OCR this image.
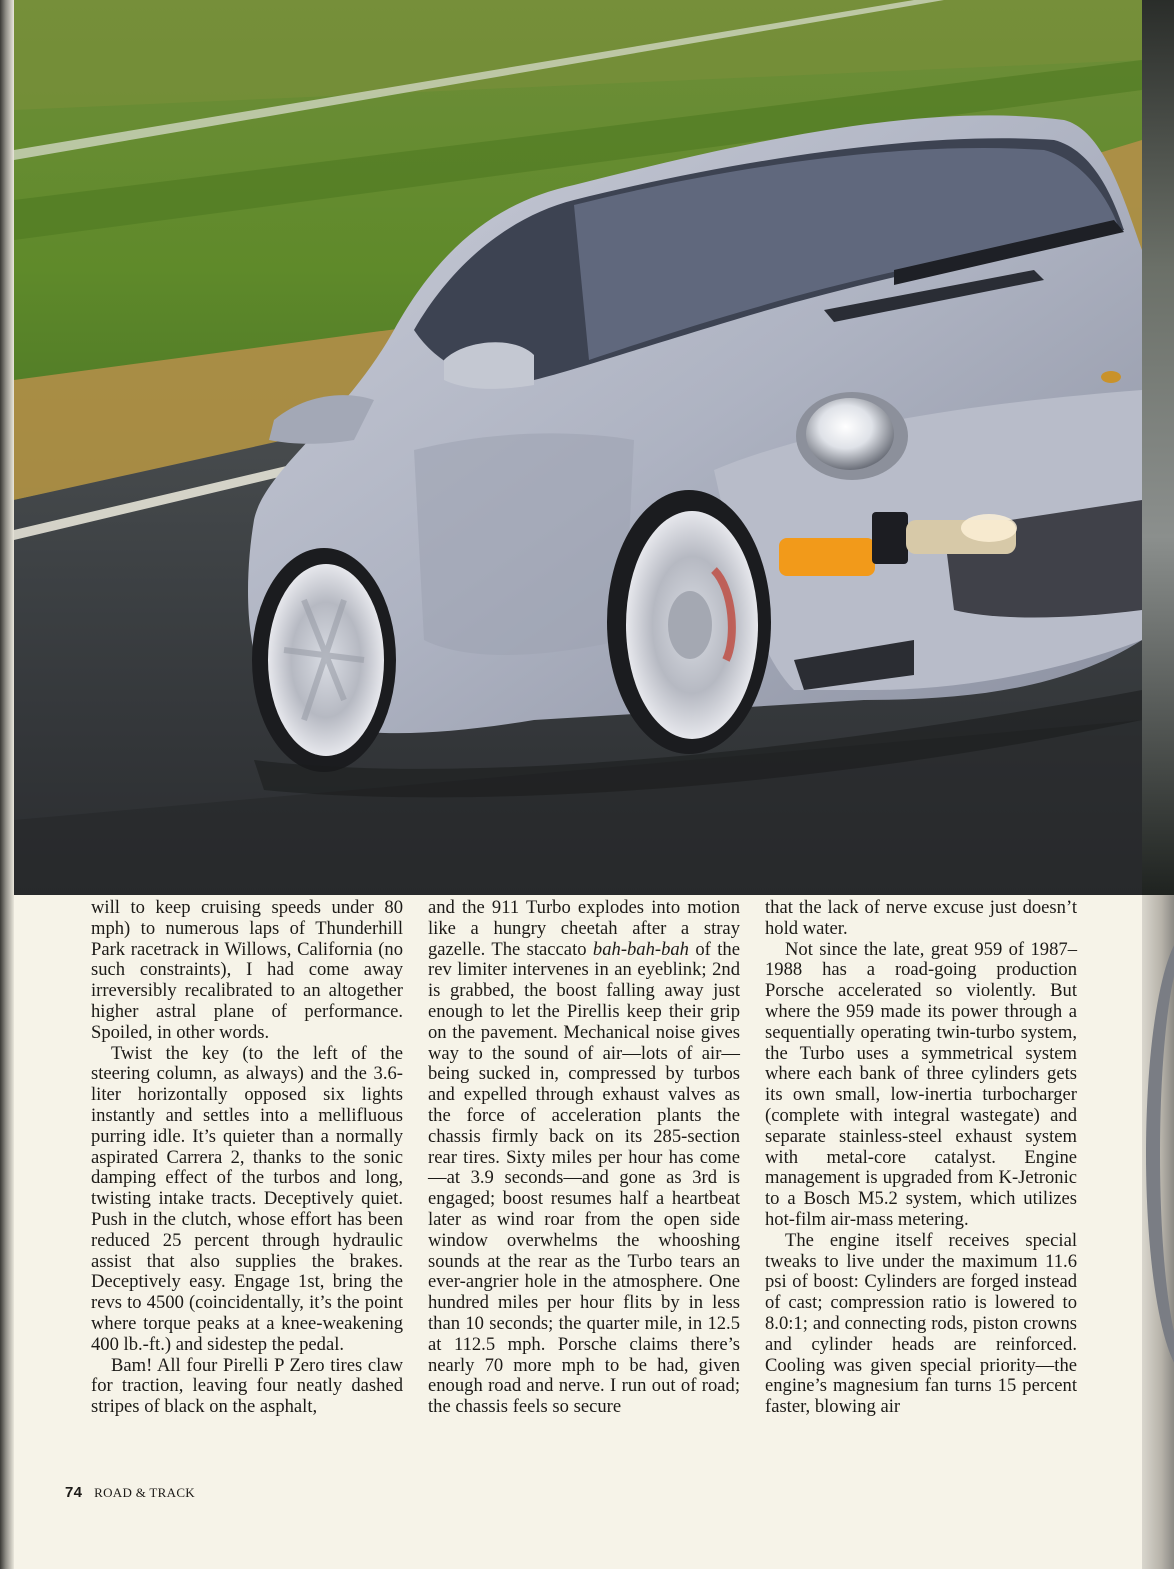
will to keep cruising speeds under 80 mph) to numerous laps of Thunderhill Park racetrack in Willows, California (no such constraints), I had come away irreversibly recalibrated to an altogether higher astral plane of performance. Spoiled, in other words.

Twist the key (to the left of the steering column, as always) and the 3.6-liter horizontally opposed six lights instantly and settles into a mellifluous purring idle. It’s quieter than a normally aspirated Carrera 2, thanks to the sonic damping effect of the turbos and long, twisting intake tracts. Deceptively quiet. Push in the clutch, whose effort has been reduced 25 percent through hydraulic assist that also supplies the brakes. Deceptively easy. Engage 1st, bring the revs to 4500 (coincidentally, it’s the point where torque peaks at a knee-weakening 400 lb.-ft.) and sidestep the pedal.

Bam! All four Pirelli P Zero tires claw for traction, leaving four neatly dashed stripes of black on the asphalt,

and the 911 Turbo explodes into motion like a hungry cheetah after a stray gazelle. The staccato bah-bah-bah of the rev limiter intervenes in an eyeblink; 2nd is grabbed, the boost falling away just enough to let the Pirellis keep their grip on the pavement. Mechanical noise gives way to the sound of air—lots of air—being sucked in, compressed by turbos and expelled through exhaust valves as the force of acceleration plants the chassis firmly back on its 285-section rear tires. Sixty miles per hour has come—at 3.9 seconds—and gone as 3rd is engaged; boost resumes half a heartbeat later as wind roar from the open side window overwhelms the whooshing sounds at the rear as the Turbo tears an ever-angrier hole in the atmosphere. One hundred miles per hour flits by in less than 10 seconds; the quarter mile, in 12.5 at 112.5 mph. Porsche claims there’s nearly 70 more mph to be had, given enough road and nerve. I run out of road; the chassis feels so secure

that the lack of nerve excuse just doesn’t hold water.

Not since the late, great 959 of 1987–1988 has a road-going production Porsche accelerated so violently. But where the 959 made its power through a sequentially operating twin-turbo system, the Turbo uses a symmetrical system where each bank of three cylinders gets its own small, low-inertia turbocharger (complete with integral wastegate) and separate stainless-steel exhaust system with metal-core catalyst. Engine management is upgraded from K-Jetronic to a Bosch M5.2 system, which utilizes hot-film air-mass metering.

The engine itself receives special tweaks to live under the maximum 11.6 psi of boost: Cylinders are forged instead of cast; compression ratio is lowered to 8.0:1; and connecting rods, piston crowns and cylinder heads are reinforced. Cooling was given special priority—the engine’s magnesium fan turns 15 percent faster, blowing air

74 ROAD & TRACK
